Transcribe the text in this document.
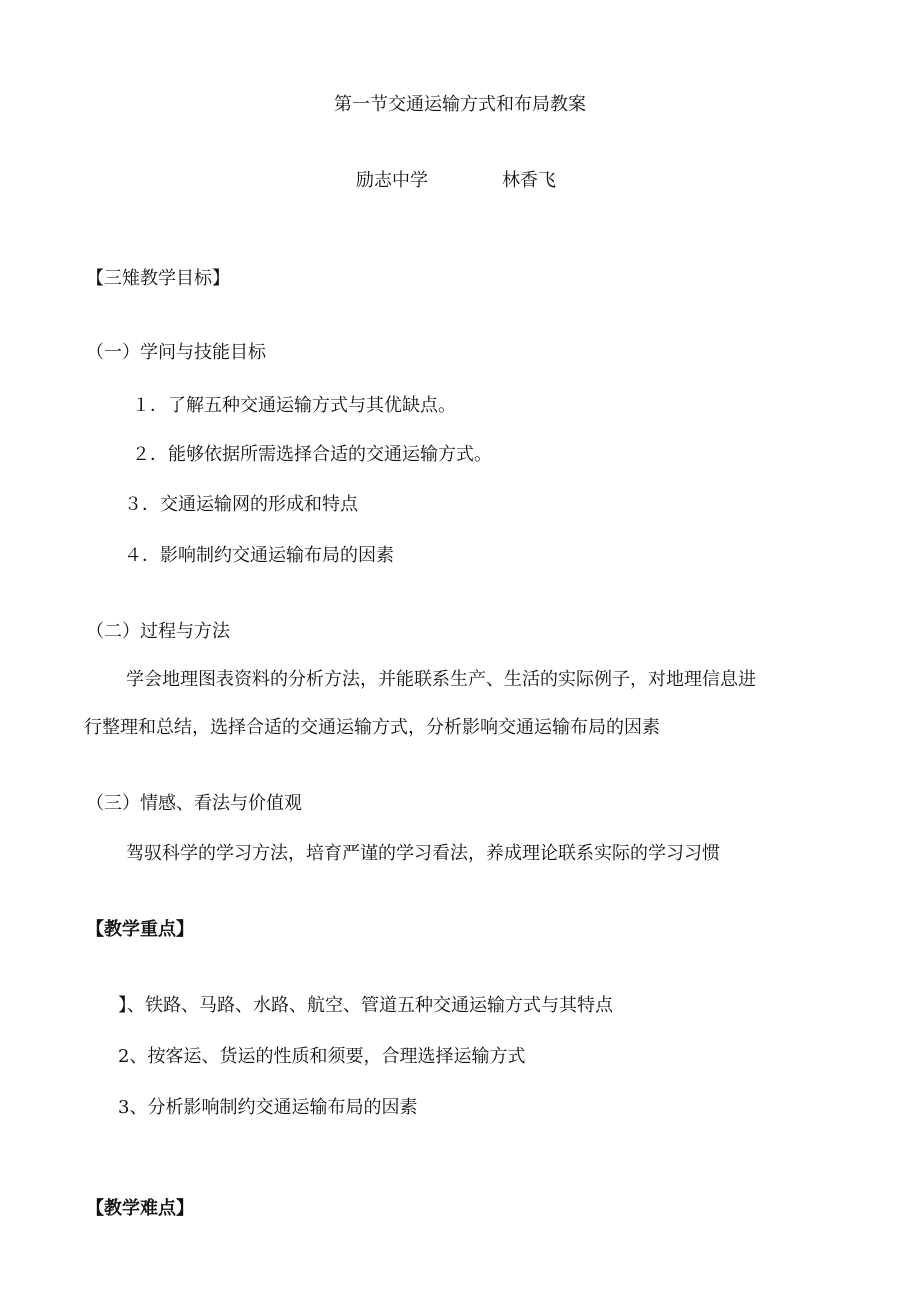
第一节交通运输方式和布局教案
励志中学	林香飞
【三雉教学目标】
（一）学问与技能目标
１．了解五种交通运输方式与其优缺点。
２．能够依据所需选择合适的交通运输方式。
３．交通运输网的形成和特点
４．影响制约交通运输布局的因素
（二）过程与方法
学会地理图表资料的分析方法，并能联系生产、生活的实际例子，对地理信息进
行整理和总结，选择合适的交通运输方式，分析影响交通运输布局的因素
（三）情感、看法与价值观
驾驭科学的学习方法，培育严谨的学习看法，养成理论联系实际的学习习惯
【教学重点】
】、铁路、马路、水路、航空、管道五种交通运输方式与其特点
2、按客运、货运的性质和须要，合理选择运输方式
3、分析影响制约交通运输布局的因素
【教学难点】
